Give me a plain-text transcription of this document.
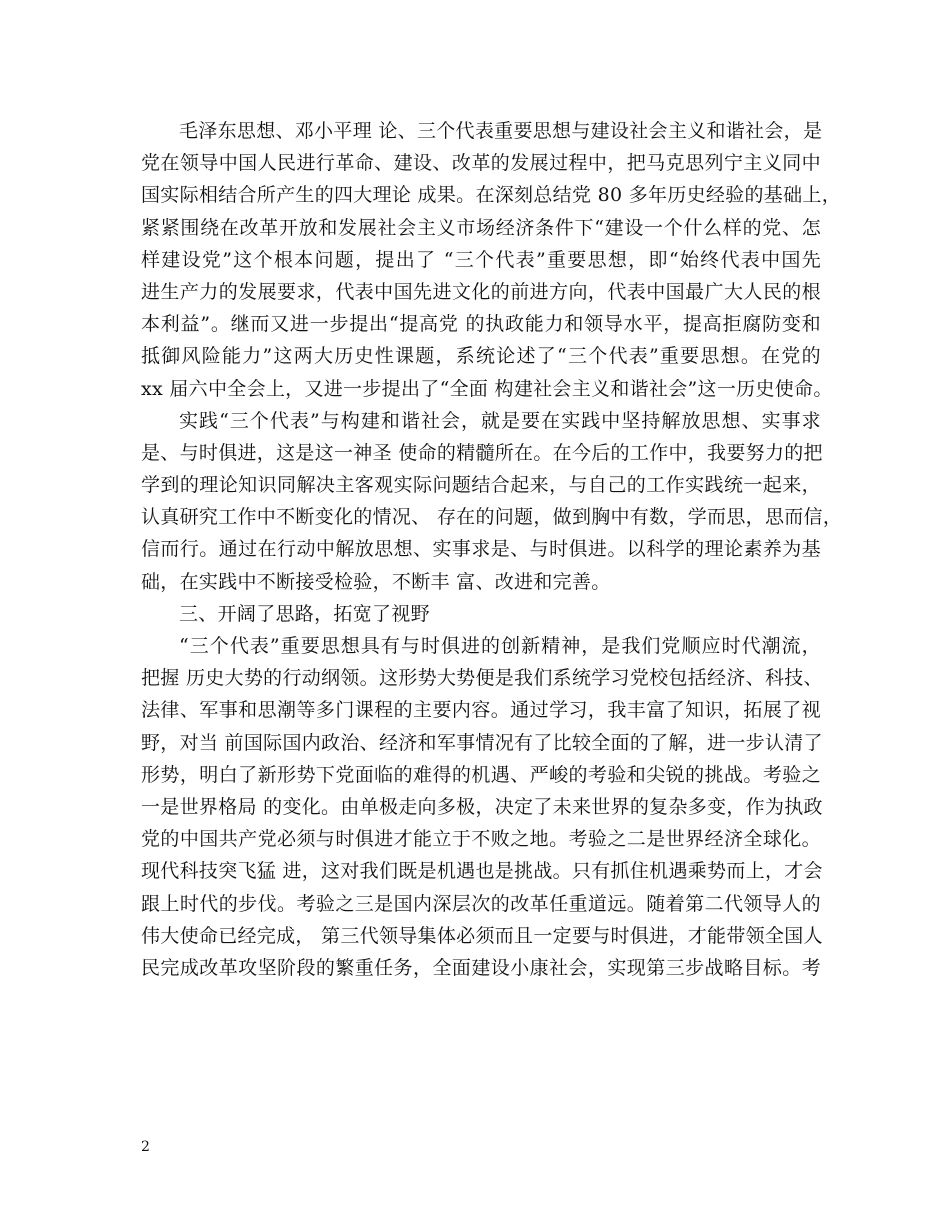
毛泽东思想、邓小平理 论、三个代表重要思想与建设社会主义和谐社会，是
党在领导中国人民进行革命、建设、改革的发展过程中，把马克思列宁主义同中
国实际相结合所产生的四大理论 成果。在深刻总结党 80 多年历史经验的基础上，
紧紧围绕在改革开放和发展社会主义市场经济条件下“建设一个什么样的党、怎
样建设党”这个根本问题，提出了 “三个代表”重要思想，即“始终代表中国先
进生产力的发展要求，代表中国先进文化的前进方向，代表中国最广大人民的根
本利益”。继而又进一步提出“提高党 的执政能力和领导水平，提高拒腐防变和
抵御风险能力”这两大历史性课题，系统论述了“三个代表”重要思想。在党的
xx 届六中全会上，又进一步提出了“全面 构建社会主义和谐社会”这一历史使命。
实践“三个代表”与构建和谐社会，就是要在实践中坚持解放思想、实事求
是、与时俱进，这是这一神圣 使命的精髓所在。在今后的工作中，我要努力的把
学到的理论知识同解决主客观实际问题结合起来，与自己的工作实践统一起来，
认真研究工作中不断变化的情况、 存在的问题，做到胸中有数，学而思，思而信，
信而行。通过在行动中解放思想、实事求是、与时俱进。以科学的理论素养为基
础，在实践中不断接受检验，不断丰 富、改进和完善。
三、开阔了思路，拓宽了视野
“三个代表”重要思想具有与时俱进的创新精神，是我们党顺应时代潮流，
把握 历史大势的行动纲领。这形势大势便是我们系统学习党校包括经济、科技、
法律、军事和思潮等多门课程的主要内容。通过学习，我丰富了知识，拓展了视
野，对当 前国际国内政治、经济和军事情况有了比较全面的了解，进一步认清了
形势，明白了新形势下党面临的难得的机遇、严峻的考验和尖锐的挑战。考验之
一是世界格局 的变化。由单极走向多极，决定了未来世界的复杂多变，作为执政
党的中国共产党必须与时俱进才能立于不败之地。考验之二是世界经济全球化。
现代科技突飞猛 进，这对我们既是机遇也是挑战。只有抓住机遇乘势而上，才会
跟上时代的步伐。考验之三是国内深层次的改革任重道远。随着第二代领导人的
伟大使命已经完成， 第三代领导集体必须而且一定要与时俱进，才能带领全国人
民完成改革攻坚阶段的繁重任务，全面建设小康社会，实现第三步战略目标。考
2
